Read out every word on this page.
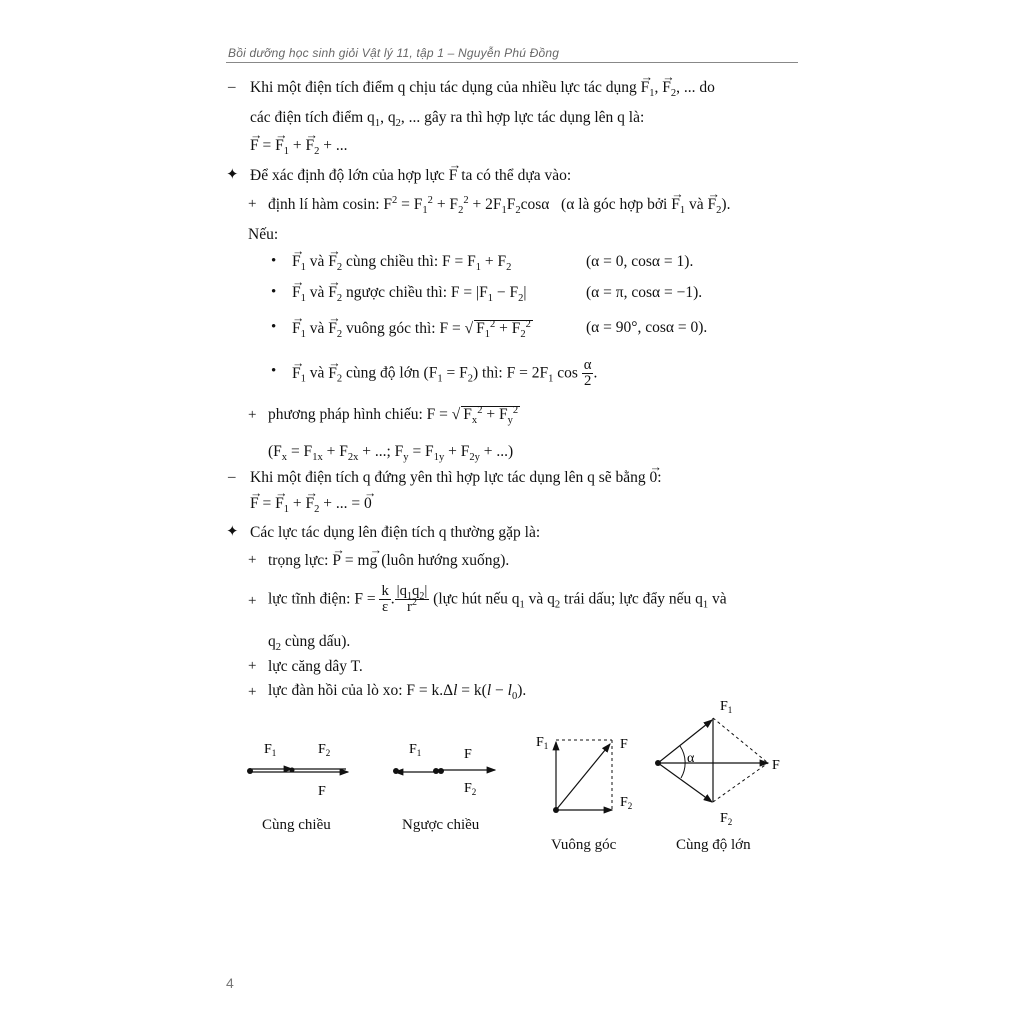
Bồi dưỡng học sinh giỏi Vật lý 11, tập 1 – Nguyễn Phú Đồng
– Khi một điện tích điểm q chịu tác dụng của nhiều lực tác dụng → $F_1$, → $F_2$, ... do
các điện tích điểm $q_1$, $q_2$, ... gây ra thì hợp lực tác dụng lên q là:
→ F = → $F_1$ + → $F_2$ + ...
✦ Để xác định độ lớn của hợp lực → F ta có thể dựa vào:
+ định lí hàm cosin: $F^2 = F_1^2 + F_2^2 + 2F_1F_2\cos\alpha$   (α là góc hợp bởi → $F_1$ và → $F_2$).
Nếu:
• → $F_1$ và → $F_2$ cùng chiều thì: $F = F_1 + F_2$	(α = 0, cosα = 1).
• → $F_1$ và → $F_2$ ngược chiều thì: $F = |F_1 - F_2|$	(α = π, cosα = −1).
• → $F_1$ và → $F_2$ vuông góc thì: F = √ $F_1^2 + F_2^2$	(α = 90°, cosα = 0).
• → $F_1$ và → $F_2$ cùng độ lớn $(F_1 = F_2)$ thì: $F = 2F_1$ $\cos \frac{\alpha}{2}$ .
+ phương pháp hình chiếu: F = √ $F_x^2 + F_y^2$
($F_x = F_{1x} + F_{2x}$ + ...; $F_y = F_{1y} + F_{2y}$ + ...)
– Khi một điện tích q đứng yên thì hợp lực tác dụng lên q sẽ bằng → 0:
→ F = → $F_1$ + → $F_2$ + ... = → 0
✦ Các lực tác dụng lên điện tích q thường gặp là:
+ trọng lực: → P = m→ g (luôn hướng xuống).
+ lực tĩnh điện: $F = \frac{k}{\varepsilon}$ . $\frac{|q_1q_2|}{r^2}$ (lực hút nếu $q_1$ và $q_2$ trái dấu; lực đẩy nếu $q_1$ và
$q_2$ cùng dấu).
+ lực căng dây T.
+ lực đàn hồi của lò xo: $F = k.\Delta l = k(l - l_0)$.
$F_1$	$F_2$
F
$F_1$	F
$F_2$
$F_1$	F
$F_2$
α
$F_1$
F
$F_2$
Cùng chiều	Ngược chiều
Vuông góc	Cùng độ lớn
4
